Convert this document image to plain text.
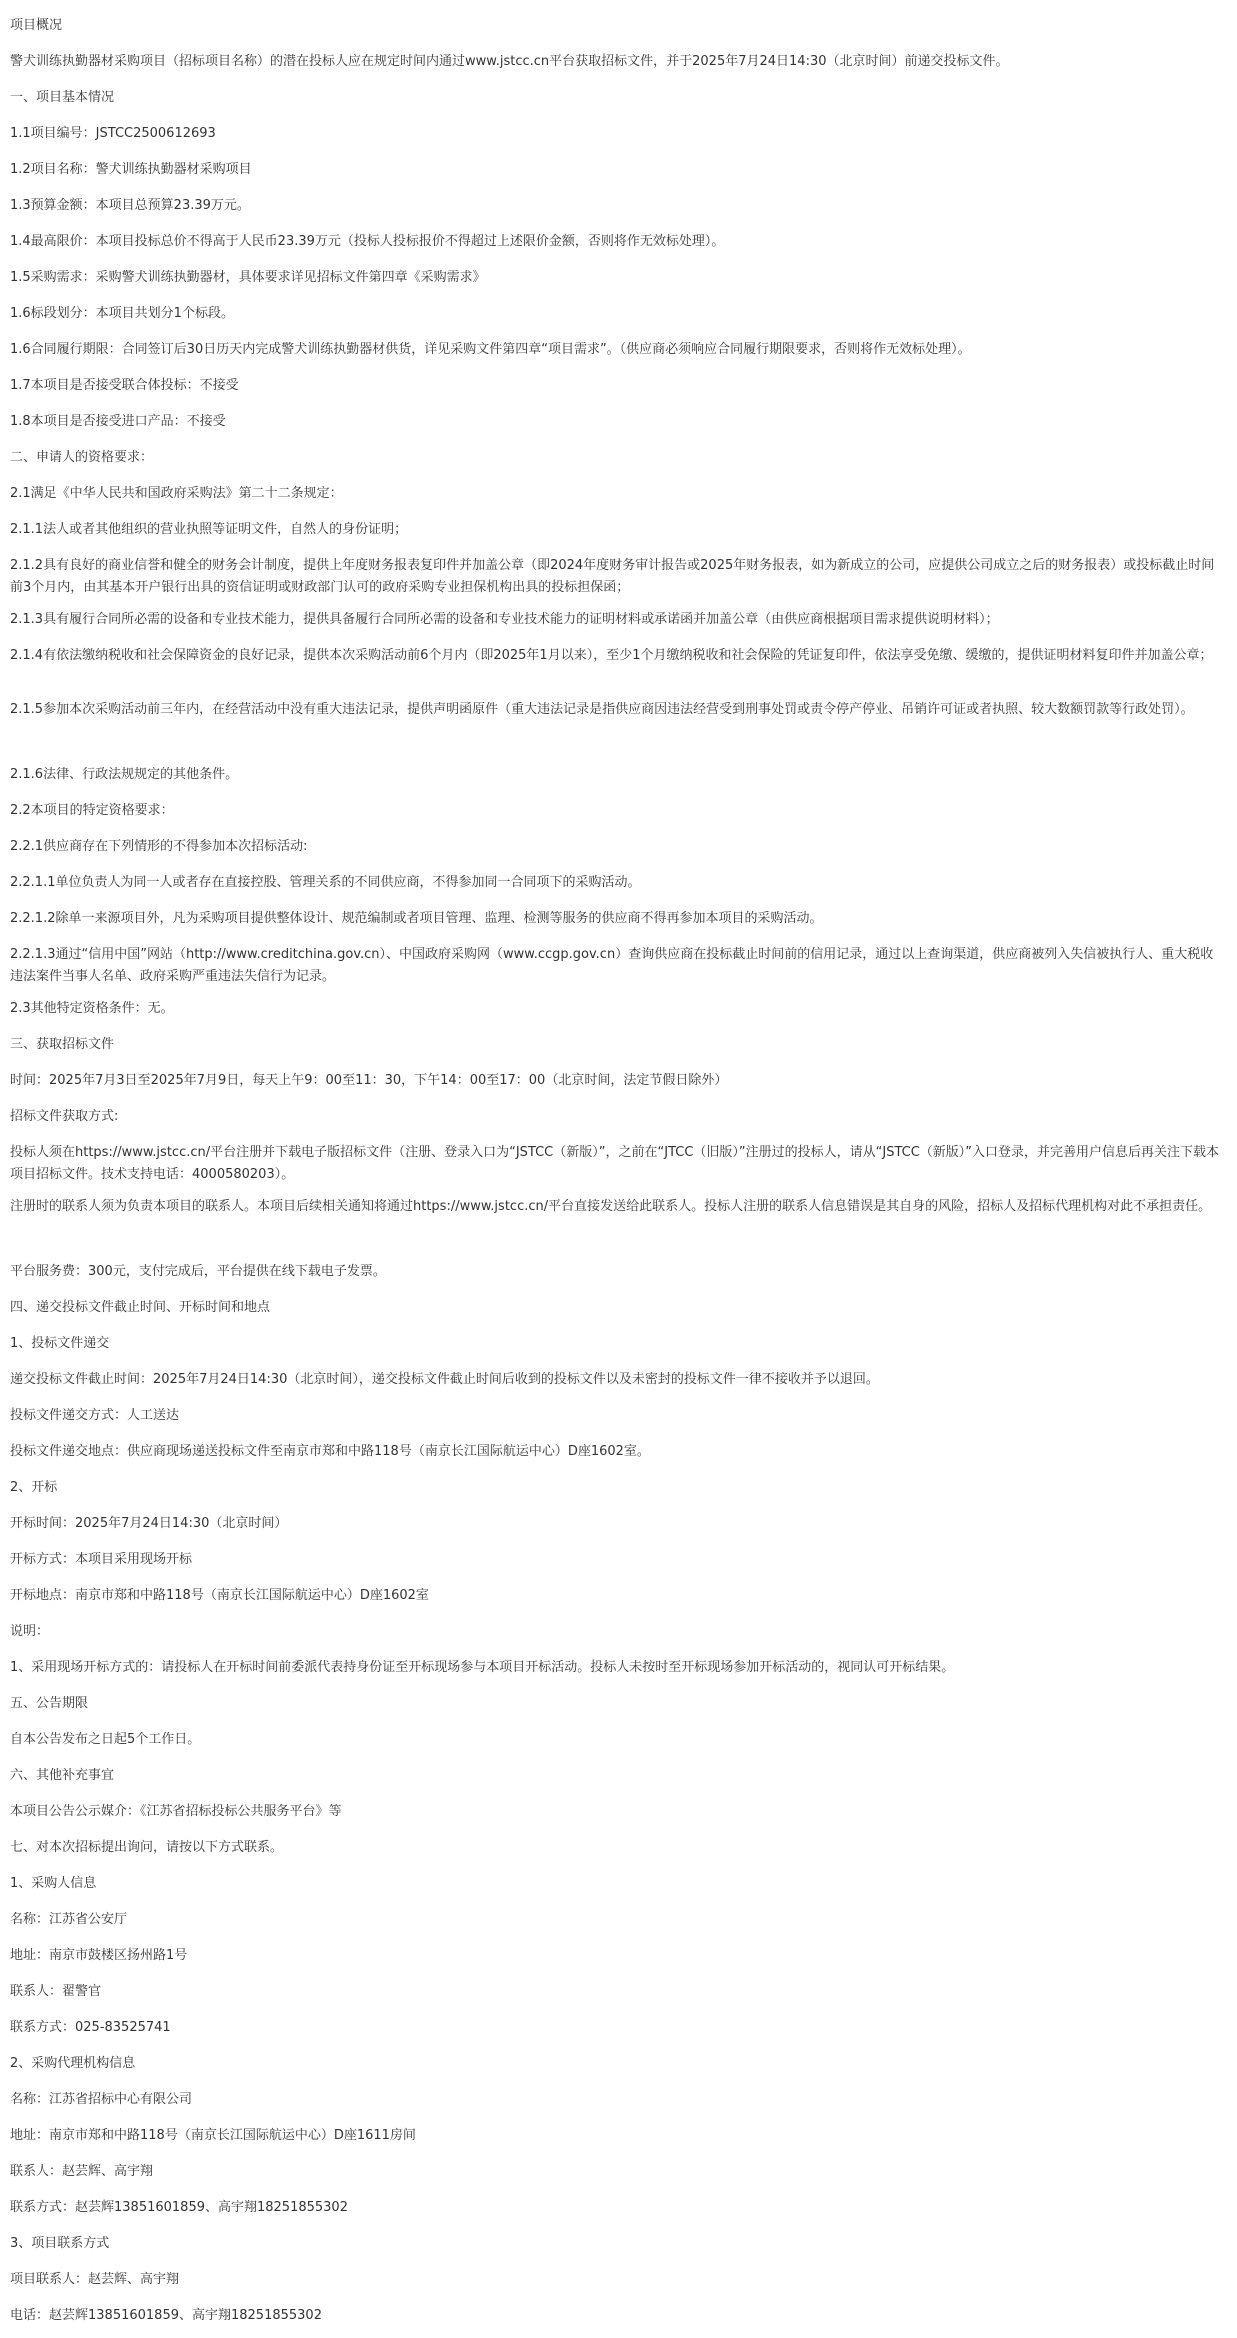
项目概况

警犬训练执勤器材采购项目（招标项目名称）的潜在投标人应在规定时间内通过www.jstcc.cn平台获取招标文件，并于2025年7月24日14:30（北京时间）前递交投标文件。

一、项目基本情况

1.1项目编号：JSTCC2500612693

1.2项目名称：警犬训练执勤器材采购项目

1.3预算金额：本项目总预算23.39万元。

1.4最高限价：本项目投标总价不得高于人民币23.39万元（投标人投标报价不得超过上述限价金额，否则将作无效标处理）。

1.5采购需求：采购警犬训练执勤器材，具体要求详见招标文件第四章《采购需求》

1.6标段划分：本项目共划分1个标段。

1.6合同履行期限：合同签订后30日历天内完成警犬训练执勤器材供货，详见采购文件第四章“项目需求”。（供应商必须响应合同履行期限要求，否则将作无效标处理）。

1.7本项目是否接受联合体投标：不接受

1.8本项目是否接受进口产品：不接受

二、申请人的资格要求：

2.1满足《中华人民共和国政府采购法》第二十二条规定：

2.1.1法人或者其他组织的营业执照等证明文件，自然人的身份证明；

2.1.2具有良好的商业信誉和健全的财务会计制度，提供上年度财务报表复印件并加盖公章（即2024年度财务审计报告或2025年财务报表，如为新成立的公司，应提供公司成立之后的财务报表）或投标截止时间前3个月内，由其基本开户银行出具的资信证明或财政部门认可的政府采购专业担保机构出具的投标担保函；

2.1.3具有履行合同所必需的设备和专业技术能力，提供具备履行合同所必需的设备和专业技术能力的证明材料或承诺函并加盖公章（由供应商根据项目需求提供说明材料）；

2.1.4有依法缴纳税收和社会保障资金的良好记录，提供本次采购活动前6个月内（即2025年1月以来），至少1个月缴纳税收和社会保险的凭证复印件，依法享受免缴、缓缴的，提供证明材料复印件并加盖公章；

2.1.5参加本次采购活动前三年内，在经营活动中没有重大违法记录，提供声明函原件（重大违法记录是指供应商因违法经营受到刑事处罚或责令停产停业、吊销许可证或者执照、较大数额罚款等行政处罚）。

2.1.6法律、行政法规规定的其他条件。

2.2本项目的特定资格要求：

2.2.1供应商存在下列情形的不得参加本次招标活动:

2.2.1.1单位负责人为同一人或者存在直接控股、管理关系的不同供应商，不得参加同一合同项下的采购活动。

2.2.1.2除单一来源项目外，凡为采购项目提供整体设计、规范编制或者项目管理、监理、检测等服务的供应商不得再参加本项目的采购活动。

2.2.1.3通过“信用中国”网站（http://www.creditchina.gov.cn）、中国政府采购网（www.ccgp.gov.cn）查询供应商在投标截止时间前的信用记录，通过以上查询渠道，供应商被列入失信被执行人、重大税收违法案件当事人名单、政府采购严重违法失信行为记录。

2.3其他特定资格条件：无。

三、获取招标文件

时间：2025年7月3日至2025年7月9日，每天上午9：00至11：30，下午14：00至17：00（北京时间，法定节假日除外）

招标文件获取方式:

投标人须在https://www.jstcc.cn/平台注册并下载电子版招标文件（注册、登录入口为“JSTCC（新版）”，之前在“JTCC（旧版）”注册过的投标人，请从“JSTCC（新版）”入口登录，并完善用户信息后再关注下载本项目招标文件。技术支持电话：4000580203）。

注册时的联系人须为负责本项目的联系人。本项目后续相关通知将通过https://www.jstcc.cn/平台直接发送给此联系人。投标人注册的联系人信息错误是其自身的风险，招标人及招标代理机构对此不承担责任。

平台服务费：300元，支付完成后，平台提供在线下载电子发票。

四、递交投标文件截止时间、开标时间和地点

1、投标文件递交

递交投标文件截止时间：2025年7月24日14:30（北京时间），递交投标文件截止时间后收到的投标文件以及未密封的投标文件一律不接收并予以退回。

投标文件递交方式：人工送达

投标文件递交地点：供应商现场递送投标文件至南京市郑和中路118号（南京长江国际航运中心）D座1602室。

2、开标

开标时间：2025年7月24日14:30（北京时间）

开标方式：本项目采用现场开标

开标地点：南京市郑和中路118号（南京长江国际航运中心）D座1602室

说明：

1、采用现场开标方式的：请投标人在开标时间前委派代表持身份证至开标现场参与本项目开标活动。投标人未按时至开标现场参加开标活动的，视同认可开标结果。

五、公告期限

自本公告发布之日起5个工作日。

六、其他补充事宜

本项目公告公示媒介：《江苏省招标投标公共服务平台》等

七、对本次招标提出询问，请按以下方式联系。

1、采购人信息

名称：江苏省公安厅

地址：南京市鼓楼区扬州路1号

联系人：翟警官

联系方式：025-83525741

2、采购代理机构信息

名称：江苏省招标中心有限公司

地址：南京市郑和中路118号（南京长江国际航运中心）D座1611房间

联系人：赵芸辉、高宇翔

联系方式：赵芸辉13851601859、高宇翔18251855302

3、项目联系方式

项目联系人：赵芸辉、高宇翔

电话：赵芸辉13851601859、高宇翔18251855302
